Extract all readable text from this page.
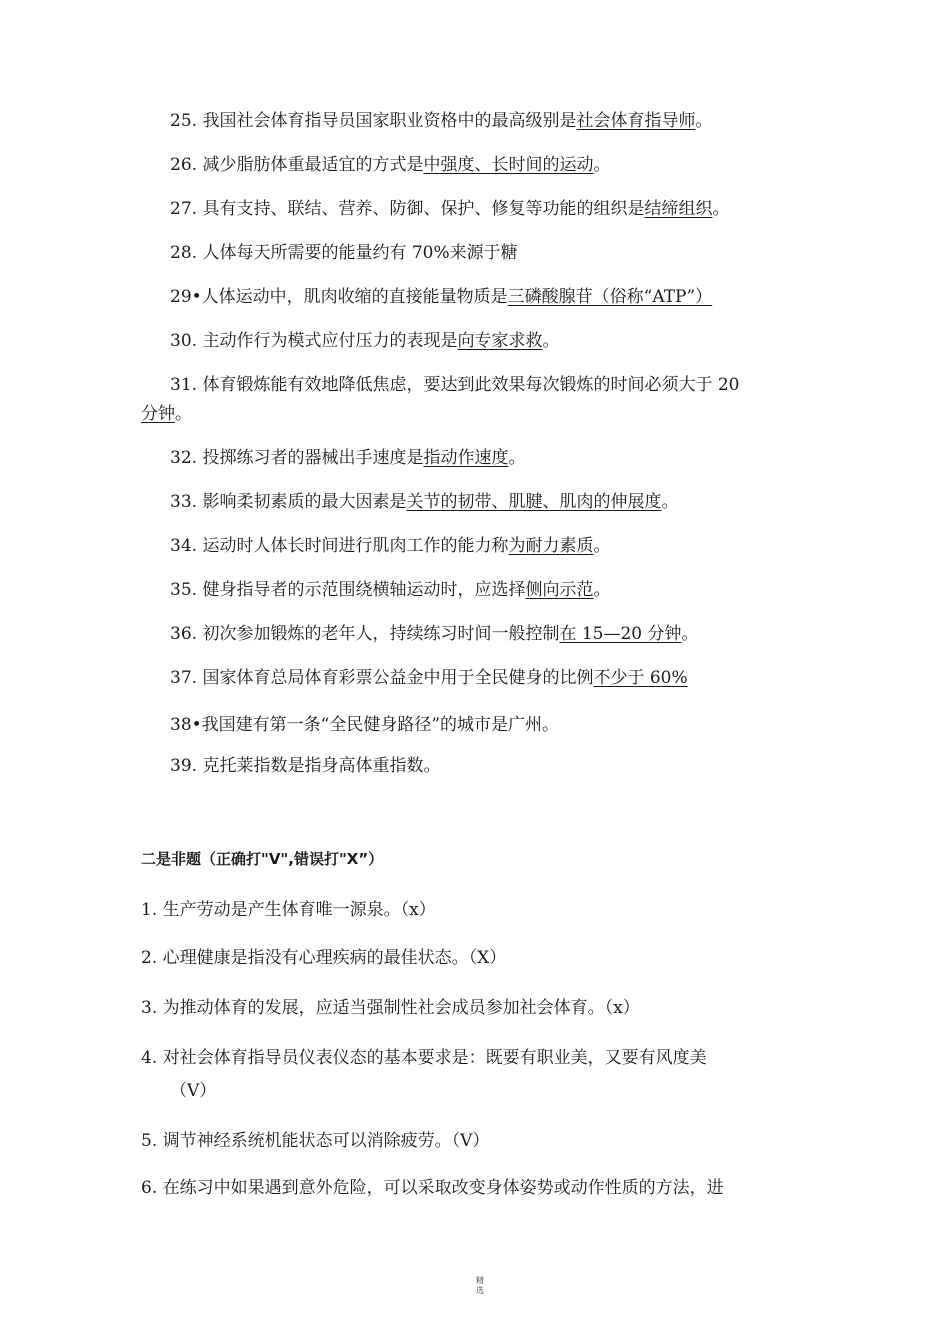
25. 我国社会体育指导员国家职业资格中的最高级别是社会体育指导师。
26. 减少脂肪体重最适宜的方式是中强度、长时间的运动。
27. 具有支持、联结、营养、防御、保护、修复等功能的组织是结缔组织。
28. 人体每天所需要的能量约有 70%来源于糖
29•人体运动中，肌肉收缩的直接能量物质是三磷酸腺苷（俗称“ATP”）
30. 主动作行为模式应付压力的表现是向专家求救。
31. 体育锻炼能有效地降低焦虑，要达到此效果每次锻炼的时间必须大于 20
分钟。
32. 投掷练习者的器械出手速度是指动作速度。
33. 影响柔韧素质的最大因素是关节的韧带、肌腱、肌肉的伸展度。
34. 运动时人体长时间进行肌肉工作的能力称为耐力素质。
35. 健身指导者的示范围绕横轴运动时，应选择侧向示范。
36. 初次参加锻炼的老年人，持续练习时间一般控制在 15—20 分钟。
37. 国家体育总局体育彩票公益金中用于全民健身的比例不少于 60%
38•我国建有第一条“全民健身路径”的城市是广州。
39. 克托莱指数是指身高体重指数。
二是非题（正确打"V",错误打"X”）
1. 生产劳动是产生体育唯一源泉。（x）
2. 心理健康是指没有心理疾病的最佳状态。（X）
3. 为推动体育的发展，应适当强制性社会成员参加社会体育。（x）
4. 对社会体育指导员仪表仪态的基本要求是：既要有职业美，又要有风度美
（V）
5. 调节神经系统机能状态可以消除疲劳。（V）
6. 在练习中如果遇到意外危险，可以采取改变身体姿势或动作性质的方法，进
精
选
